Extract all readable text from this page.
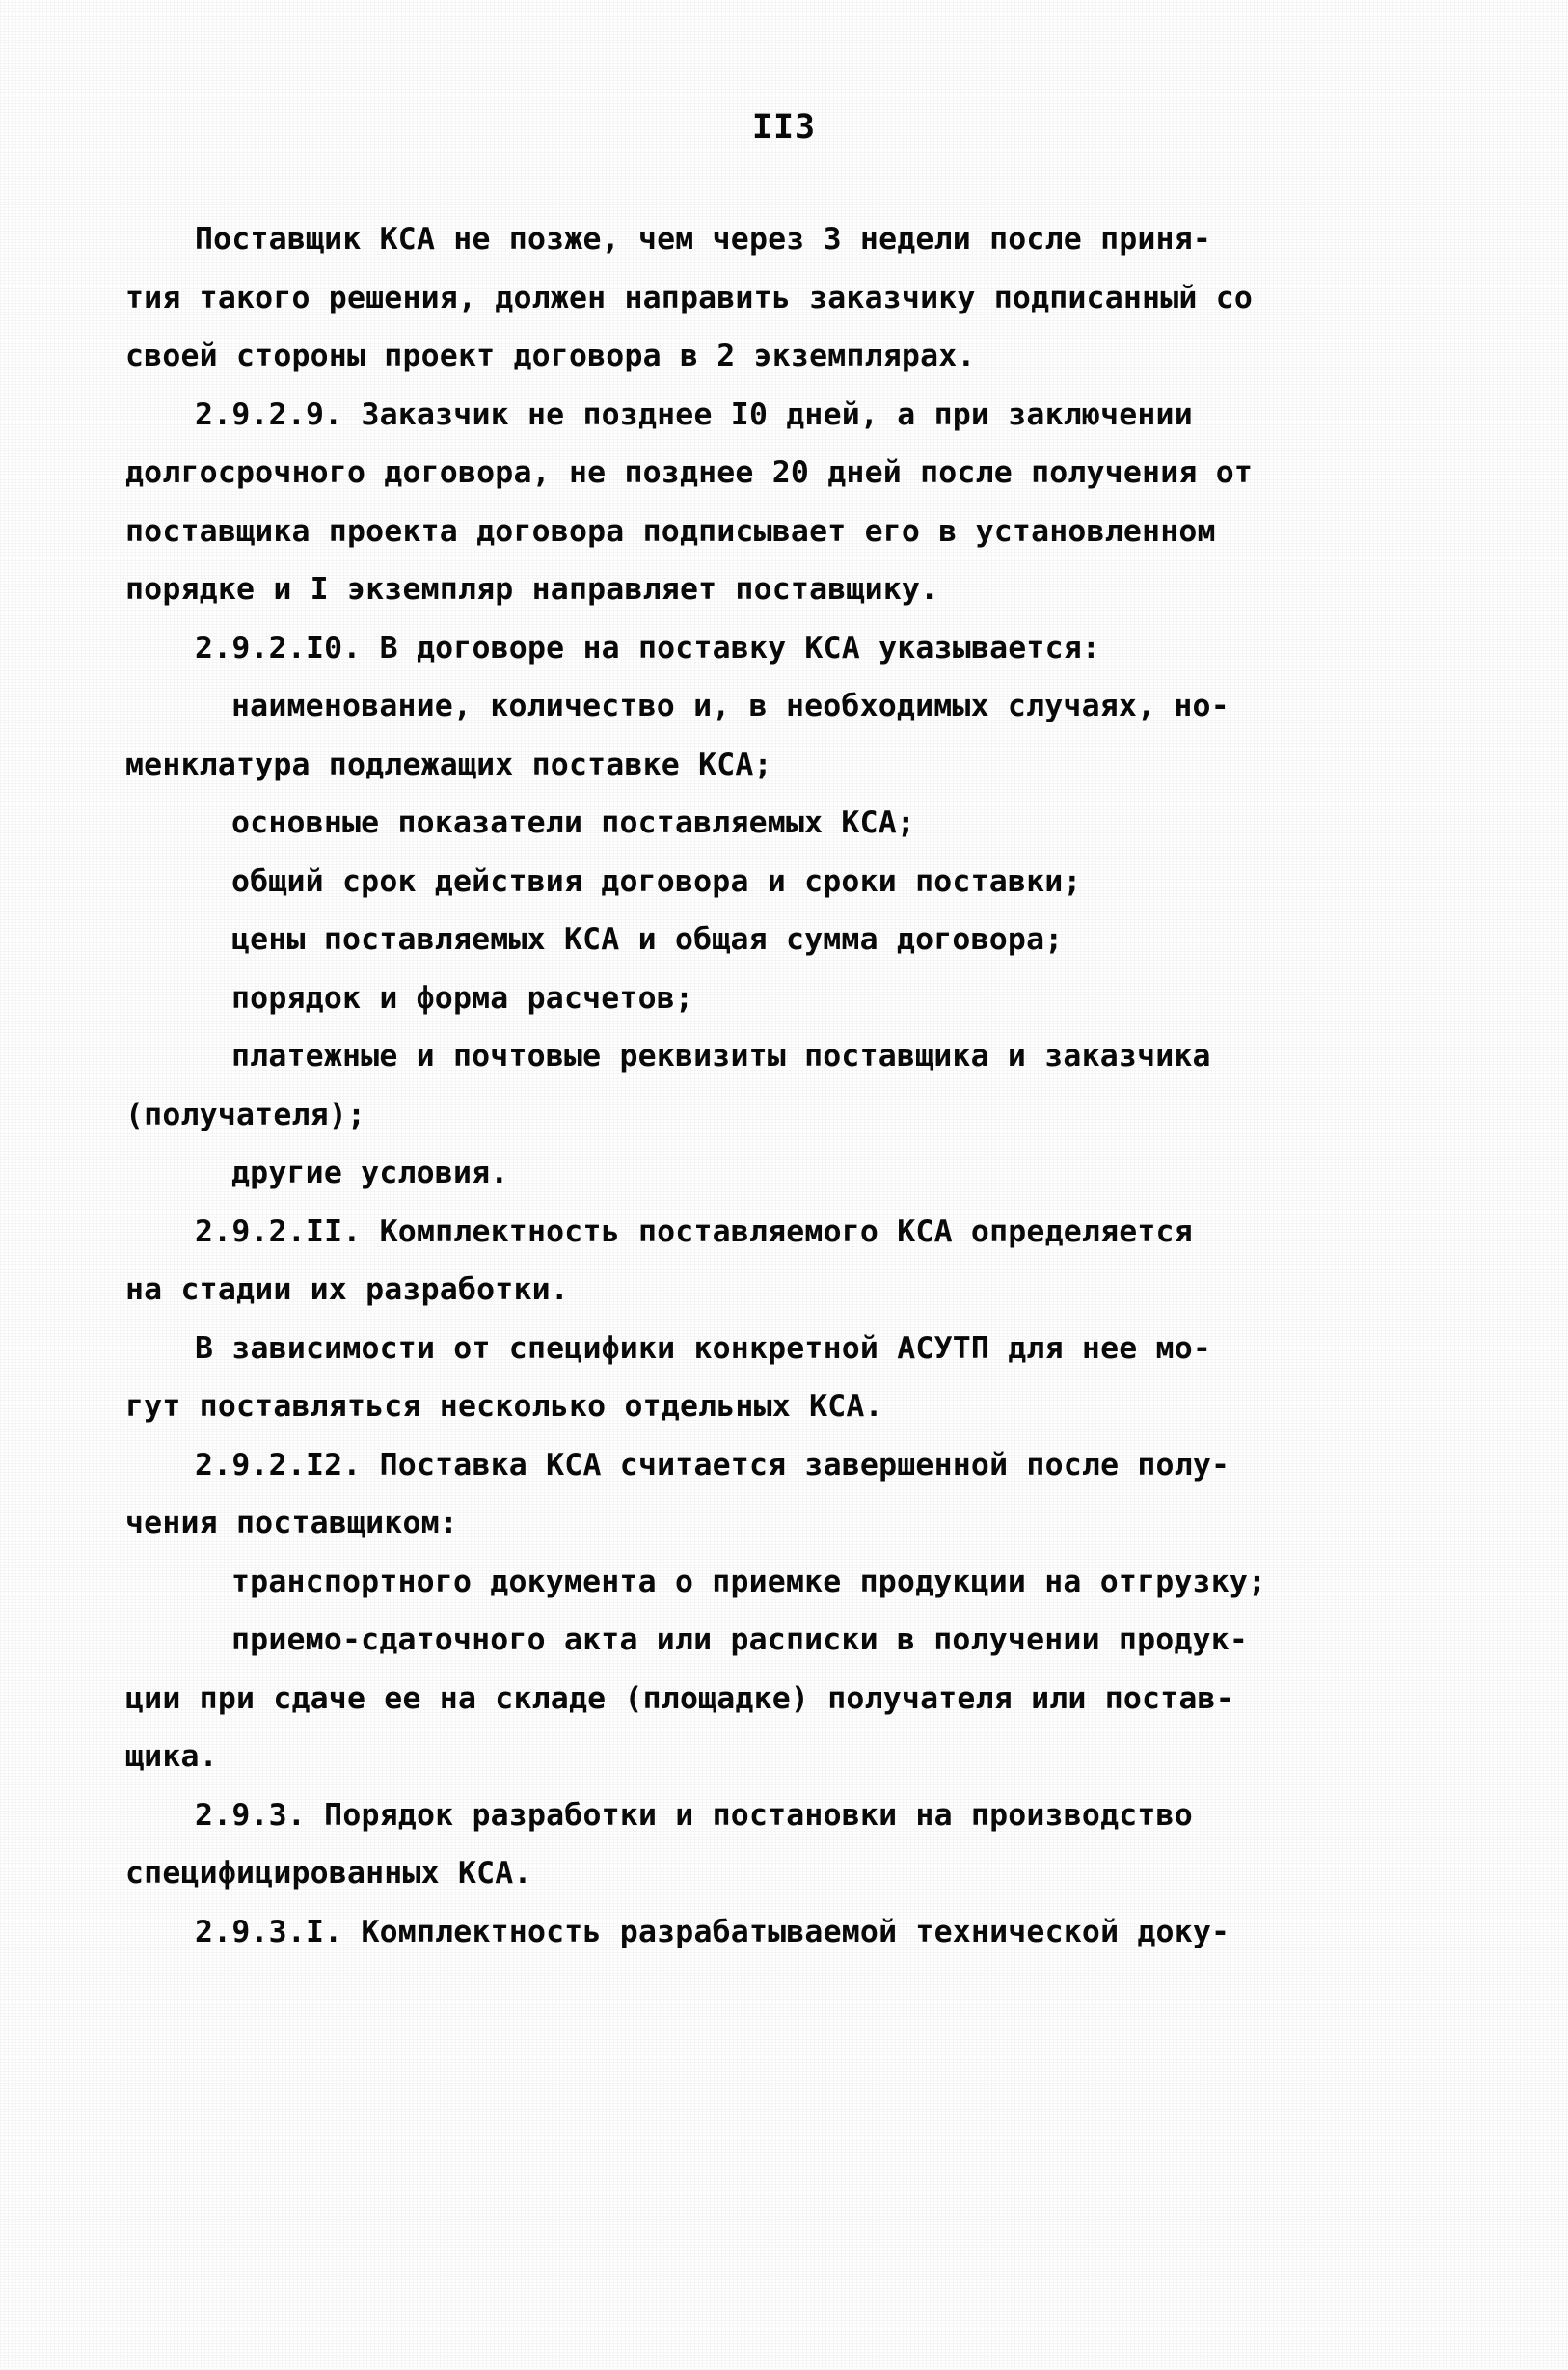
II3
Поставщик КСА не позже, чем через 3 недели после приня-
тия такого решения, должен направить заказчику подписанный со
своей стороны проект договора в 2 экземплярах.
2.9.2.9. Заказчик не позднее I0 дней, а при заключении
долгосрочного договора, не позднее 20 дней после получения от
поставщика проекта договора подписывает его в установленном
порядке и I экземпляр направляет поставщику.
2.9.2.I0. В договоре на поставку КСА указывается:
наименование, количество и, в необходимых случаях, но-
менклатура подлежащих поставке КСА;
основные показатели поставляемых КСА;
общий срок действия договора и сроки поставки;
цены поставляемых КСА и общая сумма договора;
порядок и форма расчетов;
платежные и почтовые реквизиты поставщика и заказчика
(получателя);
другие условия.
2.9.2.II. Комплектность поставляемого КСА определяется
на стадии их разработки.
В зависимости от специфики конкретной АСУТП для нее мо-
гут поставляться несколько отдельных КСА.
2.9.2.I2. Поставка КСА считается завершенной после полу-
чения поставщиком:
транспортного документа о приемке продукции на отгрузку;
приемо-сдаточного акта или расписки в получении продук-
ции при сдаче ее на складе (площадке) получателя или постав-
щика.
2.9.3. Порядок разработки и постановки на производство
специфицированных КСА.
2.9.3.I. Комплектность разрабатываемой технической доку-
